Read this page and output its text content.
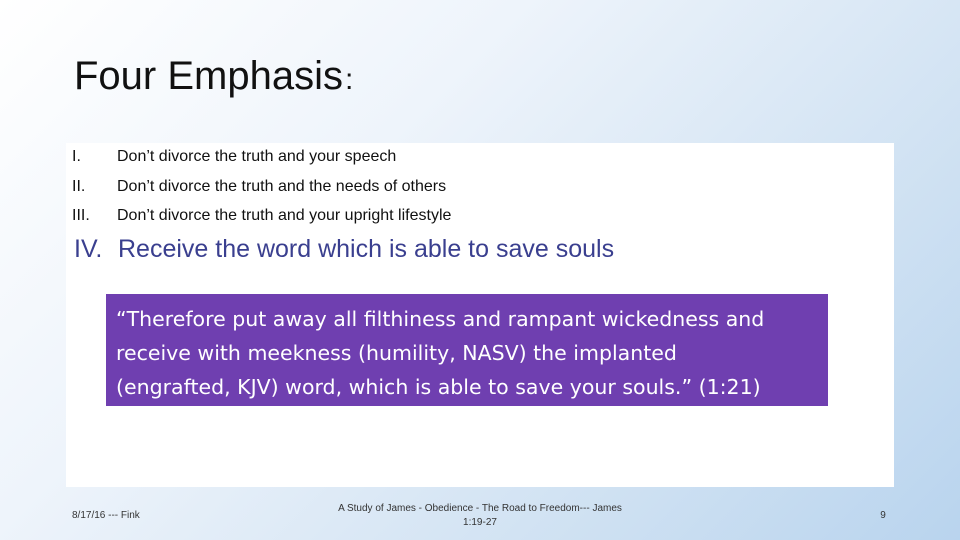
Four Emphasis:
I.	Don’t divorce the truth and your speech
II.	Don’t divorce the truth and the needs of others
III.	Don’t divorce the truth and your upright lifestyle
IV. Receive the word which is able to save souls
“Therefore put away all filthiness and rampant wickedness and
receive with meekness (humility, NASV) the implanted
(engrafted, KJV) word, which is able to save your souls.” (1:21)
8/17/16 --- Fink
A Study of James - Obedience - The Road to Freedom--- James
1:19-27
9
